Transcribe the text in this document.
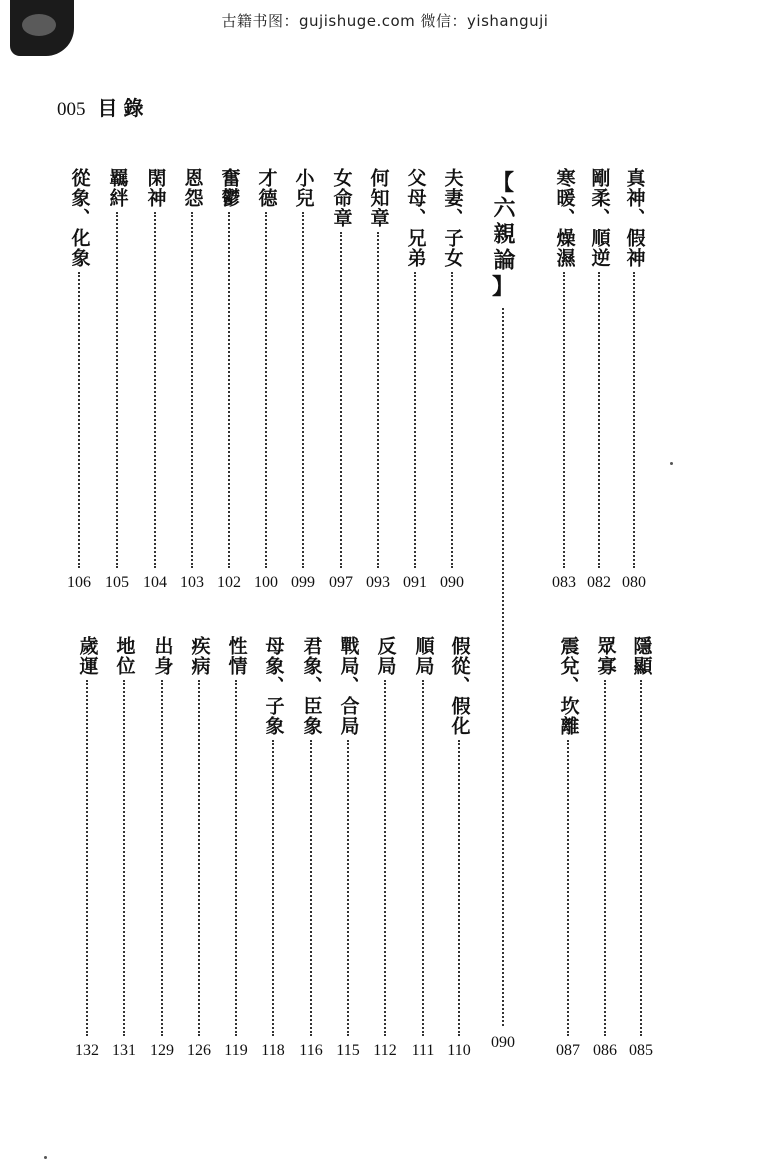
古籍书图：gujishuge.com 微信：yishanguji
005 目錄
真神、假神
080
剛柔、順逆
082
寒暖、燥濕
083
夫妻、子女
090
父母、兄弟
091
何知章
093
女命章
097
小兒
099
才德
100
奮鬱
102
恩怨
103
閑神
104
羈絆
105
從象、化象
106
【
六親論
】
090
隱顯
085
眾寡
086
震兌、坎離
087
假從、假化
110
順局
111
反局
112
戰局、合局
115
君象、臣象
116
母象、子象
118
性情
119
疾病
126
出身
129
地位
131
歲運
132
